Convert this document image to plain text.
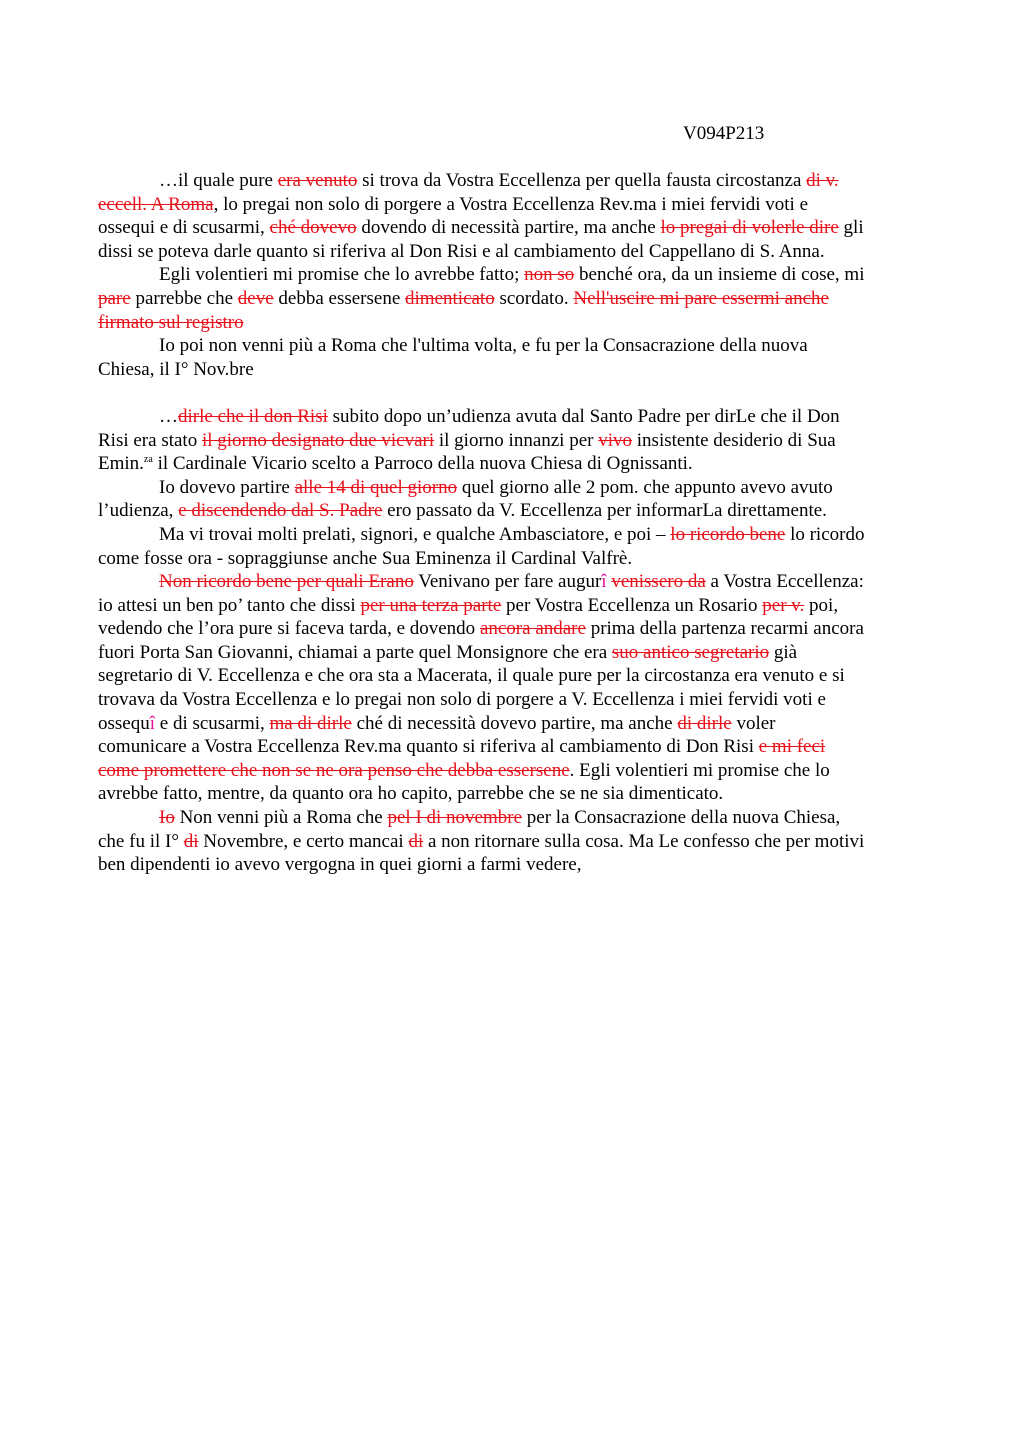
V094P213

…il quale pure era venuto si trova da Vostra Eccellenza per quella fausta circostanza di v. eccell. A Roma, lo pregai non solo di porgere a Vostra Eccellenza Rev.ma i miei fervidi voti e ossequi e di scusarmi, ché dovevo dovendo di necessità partire, ma anche lo pregai di volerle dire gli dissi se poteva darle quanto si riferiva al Don Risi e al cambiamento del Cappellano di S. Anna.

Egli volentieri mi promise che lo avrebbe fatto; non so benché ora, da un insieme di cose, mi pare parrebbe che deve debba essersene dimenticato scordato. Nell'uscire mi pare essermi anche firmato sul registro

Io poi non venni più a Roma che l'ultima volta, e fu per la Consacrazione della nuova Chiesa, il I° Nov.bre

…dirle che il don Risi subito dopo un’udienza avuta dal Santo Padre per dirLe che il Don Risi era stato il giorno designato due vicvari il giorno innanzi per vivo insistente desiderio di Sua Emin.$^{za}$ il Cardinale Vicario scelto a Parroco della nuova Chiesa di Ognissanti.

Io dovevo partire alle 14 di quel giorno quel giorno alle 2 pom. che appunto avevo avuto l’udienza, e discendendo dal S. Padre ero passato da V. Eccellenza per informarLa direttamente.

Ma vi trovai molti prelati, signori, e qualche Ambasciatore, e poi – lo ricordo bene lo ricordo come fosse ora - sopraggiunse anche Sua Eminenza il Cardinal Valfrè.

Non ricordo bene per quali Erano Venivano per fare augurî venissero da a Vostra Eccellenza: io attesi un ben po’ tanto che dissi per una terza parte per Vostra Eccellenza un Rosario per v. poi, vedendo che l’ora pure si faceva tarda, e dovendo ancora andare prima della partenza recarmi ancora fuori Porta San Giovanni, chiamai a parte quel Monsignore che era suo antico segretario già segretario di V. Eccellenza e che ora sta a Macerata, il quale pure per la circostanza era venuto e si trovava da Vostra Eccellenza e lo pregai non solo di porgere a V. Eccellenza i miei fervidi voti e ossequî e di scusarmi, ma di dirle ché di necessità dovevo partire, ma anche di dirle voler comunicare a Vostra Eccellenza Rev.ma quanto si riferiva al cambiamento di Don Risi e mi feci come promettere che non se ne ora penso che debba essersene. Egli volentieri mi promise che lo avrebbe fatto, mentre, da quanto ora ho capito, parrebbe che se ne sia dimenticato.

Io Non venni più a Roma che pel I di novembre per la Consacrazione della nuova Chiesa, che fu il I° di Novembre, e certo mancai di a non ritornare sulla cosa. Ma Le confesso che per motivi ben dipendenti io avevo vergogna in quei giorni a farmi vedere,
